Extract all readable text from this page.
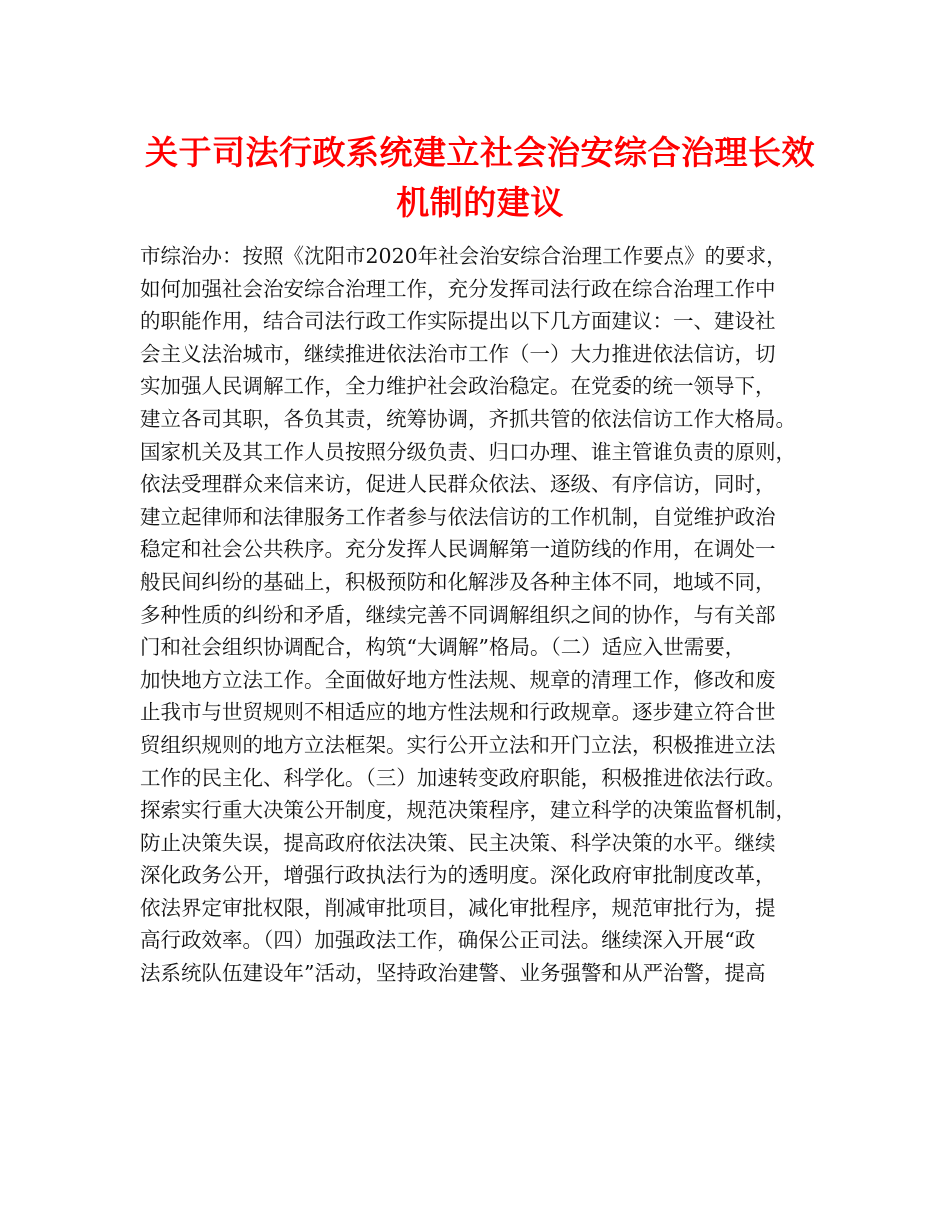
关于司法行政系统建立社会治安综合治理长效机制的建议
市综治办：按照《沈阳市2020年社会治安综合治理工作要点》的要求，
如何加强社会治安综合治理工作，充分发挥司法行政在综合治理工作中
的职能作用，结合司法行政工作实际提出以下几方面建议：一、建设社
会主义法治城市，继续推进依法治市工作（一）大力推进依法信访，切
实加强人民调解工作，全力维护社会政治稳定。在党委的统一领导下，
建立各司其职，各负其责，统筹协调，齐抓共管的依法信访工作大格局。
国家机关及其工作人员按照分级负责、归口办理、谁主管谁负责的原则，
依法受理群众来信来访，促进人民群众依法、逐级、有序信访，同时，
建立起律师和法律服务工作者参与依法信访的工作机制，自觉维护政治
稳定和社会公共秩序。充分发挥人民调解第一道防线的作用，在调处一
般民间纠纷的基础上，积极预防和化解涉及各种主体不同，地域不同，
多种性质的纠纷和矛盾，继续完善不同调解组织之间的协作，与有关部
门和社会组织协调配合，构筑“大调解”格局。（二）适应入世需要，
加快地方立法工作。全面做好地方性法规、规章的清理工作，修改和废
止我市与世贸规则不相适应的地方性法规和行政规章。逐步建立符合世
贸组织规则的地方立法框架。实行公开立法和开门立法，积极推进立法
工作的民主化、科学化。（三）加速转变政府职能，积极推进依法行政。
探索实行重大决策公开制度，规范决策程序，建立科学的决策监督机制，
防止决策失误，提高政府依法决策、民主决策、科学决策的水平。继续
深化政务公开，增强行政执法行为的透明度。深化政府审批制度改革，
依法界定审批权限，削减审批项目，减化审批程序，规范审批行为，提
高行政效率。（四）加强政法工作，确保公正司法。继续深入开展“政
法系统队伍建设年”活动，坚持政治建警、业务强警和从严治警，提高
